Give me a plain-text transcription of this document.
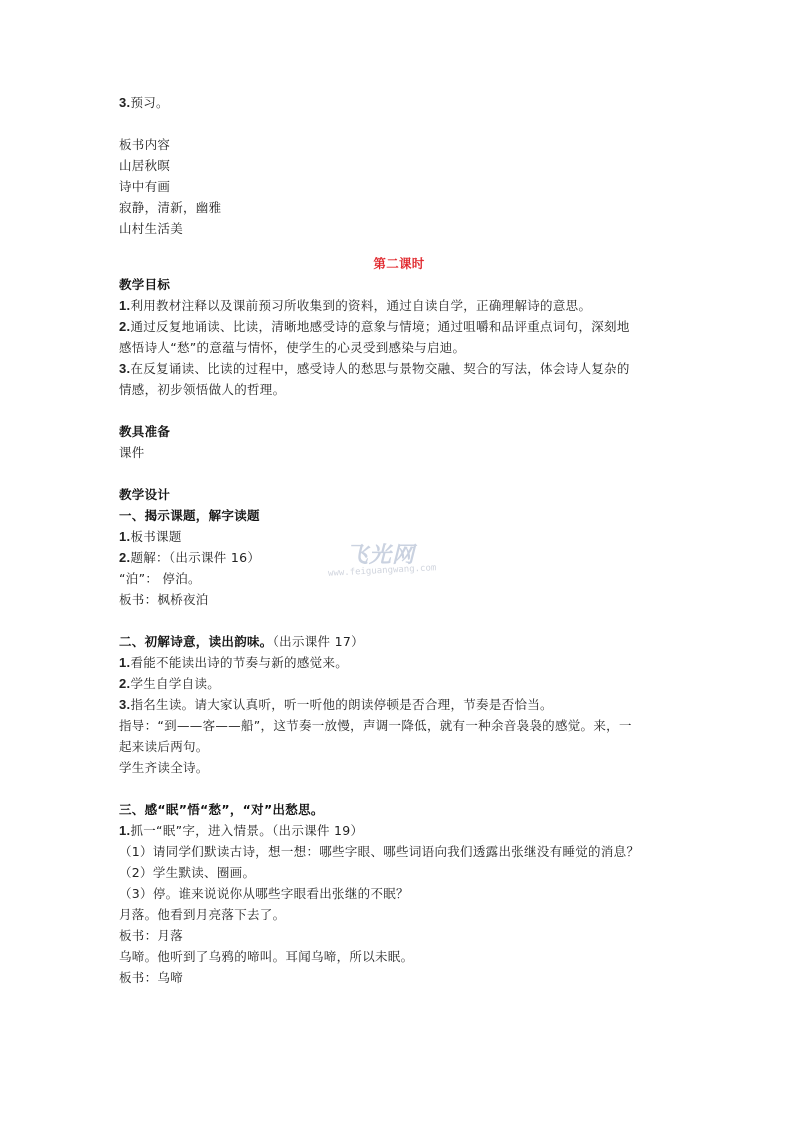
3.预习。
板书内容
山居秋暝
诗中有画
寂静，清新，幽雅
山村生活美
第二课时
教学目标
1.利用教材注释以及课前预习所收集到的资料，通过自读自学，正确理解诗的意思。
2.通过反复地诵读、比读，清晰地感受诗的意象与情境；通过咀嚼和品评重点词句，深刻地
感悟诗人“愁”的意蕴与情怀，使学生的心灵受到感染与启迪。
3.在反复诵读、比读的过程中，感受诗人的愁思与景物交融、契合的写法，体会诗人复杂的
情感，初步领悟做人的哲理。
教具准备
课件
教学设计
一、揭示课题，解字读题
1.板书课题
2.题解：（出示课件 16）
“泊”： 停泊。
板书：枫桥夜泊
二、初解诗意，读出韵味。（出示课件 17）
1.看能不能读出诗的节奏与新的感觉来。
2.学生自学自读。
3.指名生读。请大家认真听，听一听他的朗读停顿是否合理，节奏是否恰当。
指导：“到——客——船”，这节奏一放慢，声调一降低，就有一种余音袅袅的感觉。来，一
起来读后两句。
学生齐读全诗。
三、感“眠”悟“愁”，“对”出愁思。
1.抓一“眠”字，进入情景。（出示课件 19）
（1）请同学们默读古诗，想一想：哪些字眼、哪些词语向我们透露出张继没有睡觉的消息？
（2）学生默读、圈画。
（3）停。谁来说说你从哪些字眼看出张继的不眠？
月落。他看到月亮落下去了。
板书：月落
乌啼。他听到了乌鸦的啼叫。耳闻乌啼，所以未眠。
板书：乌啼
飞光网
www.feiguangwang.com
